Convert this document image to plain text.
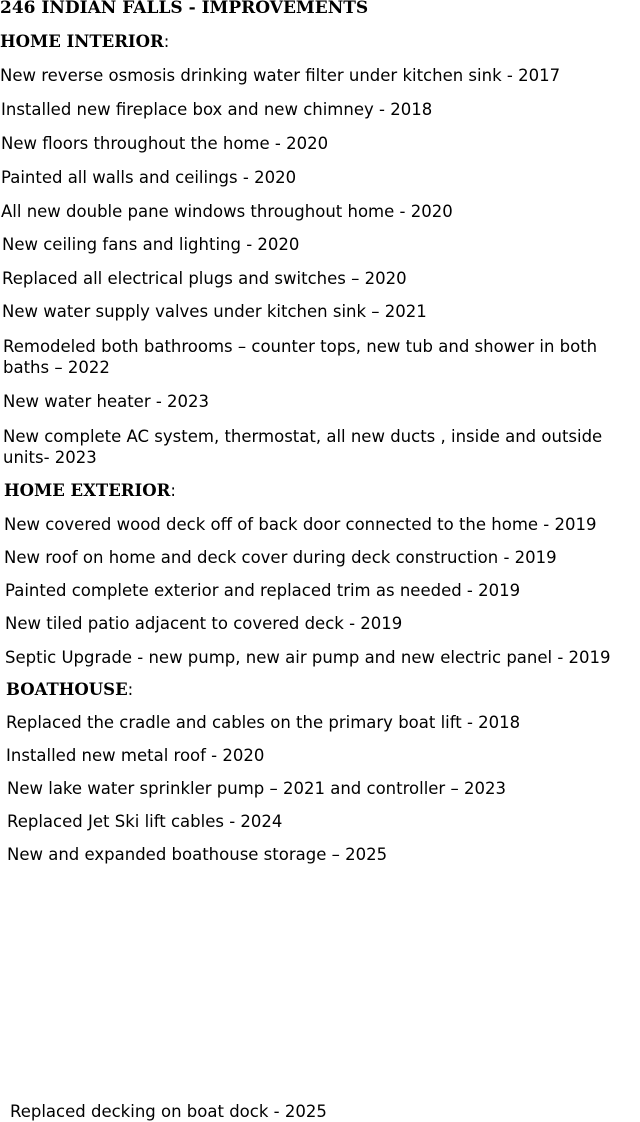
246 INDIAN FALLS - IMPROVEMENTS
HOME INTERIOR:

New reverse osmosis drinking water filter under kitchen sink - 2017

Installed new fireplace box and new chimney - 2018

New floors throughout the home - 2020

Painted all walls and ceilings - 2020

All new double pane windows throughout home - 2020

New ceiling fans and lighting - 2020

Replaced all electrical plugs and switches – 2020

New water supply valves under kitchen sink – 2021

Remodeled both bathrooms – counter tops, new tub and shower in both baths – 2022

New water heater - 2023

New complete AC system, thermostat, all new ducts , inside and outside units- 2023

HOME EXTERIOR:

New covered wood deck off of back door connected to the home - 2019

New roof on home and deck cover during deck construction - 2019

Painted complete exterior and replaced trim as needed - 2019

New tiled patio adjacent to covered deck - 2019

Septic Upgrade - new pump, new air pump and new electric panel - 2019

BOATHOUSE:

Replaced the cradle and cables on the primary boat lift - 2018

Installed new metal roof - 2020

New lake water sprinkler pump – 2021 and controller – 2023

Replaced Jet Ski lift cables - 2024

New and expanded boathouse storage – 2025

Replaced decking on boat dock - 2025
